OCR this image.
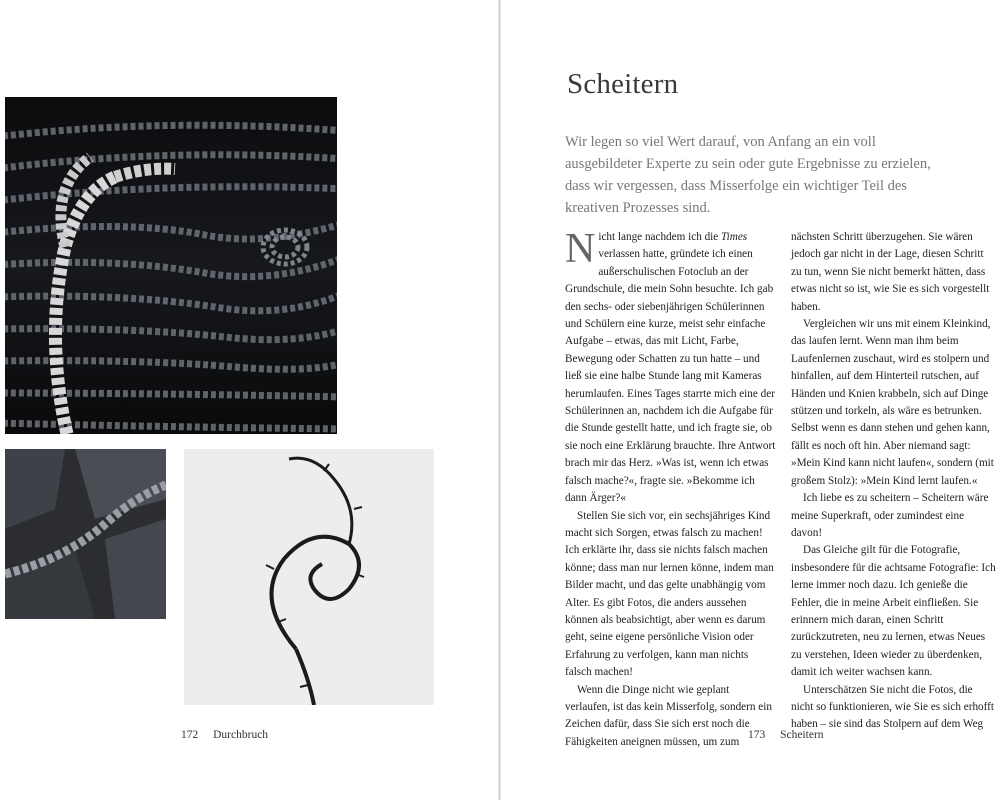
172 Durchbruch
Scheitern

Wir legen so viel Wert darauf, von Anfang an ein voll ausgebildeter Experte zu sein oder gute Ergebnisse zu erzielen, dass wir vergessen, dass Misserfolge ein wichtiger Teil des kreativen Prozesses sind.

Nicht lange nachdem ich die Times verlassen hatte, gründete ich einen außerschulischen Fotoclub an der Grundschule, die mein Sohn besuchte. Ich gab den sechs- oder siebenjährigen Schülerinnen und Schülern eine kurze, meist sehr einfache Aufgabe – etwas, das mit Licht, Farbe, Bewegung oder Schatten zu tun hatte – und ließ sie eine halbe Stunde lang mit Kameras herumlaufen. Eines Tages starrte mich eine der Schülerinnen an, nachdem ich die Aufgabe für die Stunde gestellt hatte, und ich fragte sie, ob sie noch eine Erklärung brauchte. Ihre Antwort brach mir das Herz. »Was ist, wenn ich etwas falsch mache?«, fragte sie. »Bekomme ich dann Ärger?«

Stellen Sie sich vor, ein sechsjähriges Kind macht sich Sorgen, etwas falsch zu machen! Ich erklärte ihr, dass sie nichts falsch machen könne; dass man nur lernen könne, indem man Bilder macht, und das gelte unabhängig vom Alter. Es gibt Fotos, die anders aussehen können als beabsichtigt, aber wenn es darum geht, seine eigene persönliche Vision oder Erfahrung zu verfolgen, kann man nichts falsch machen!

Wenn die Dinge nicht wie geplant verlaufen, ist das kein Misserfolg, sondern ein Zeichen dafür, dass Sie sich erst noch die Fähigkeiten aneignen müssen, um zum

nächsten Schritt überzugehen. Sie wären jedoch gar nicht in der Lage, diesen Schritt zu tun, wenn Sie nicht bemerkt hätten, dass etwas nicht so ist, wie Sie es sich vorgestellt haben.

Vergleichen wir uns mit einem Kleinkind, das laufen lernt. Wenn man ihm beim Laufenlernen zuschaut, wird es stolpern und hinfallen, auf dem Hinterteil rutschen, auf Händen und Knien krabbeln, sich auf Dinge stützen und torkeln, als wäre es betrunken. Selbst wenn es dann stehen und gehen kann, fällt es noch oft hin. Aber niemand sagt: »Mein Kind kann nicht laufen«, sondern (mit großem Stolz): »Mein Kind lernt laufen.«

Ich liebe es zu scheitern – Scheitern wäre meine Superkraft, oder zumindest eine davon!

Das Gleiche gilt für die Fotografie, insbesondere für die achtsame Fotografie: Ich lerne immer noch dazu. Ich genieße die Fehler, die in meine Arbeit einfließen. Sie erinnern mich daran, einen Schritt zurückzutreten, neu zu lernen, etwas Neues zu verstehen, Ideen wieder zu überdenken, damit ich weiter wachsen kann.

Unterschätzen Sie nicht die Fotos, die nicht so funktionieren, wie Sie es sich erhofft haben – sie sind das Stolpern auf dem Weg

173 Scheitern
